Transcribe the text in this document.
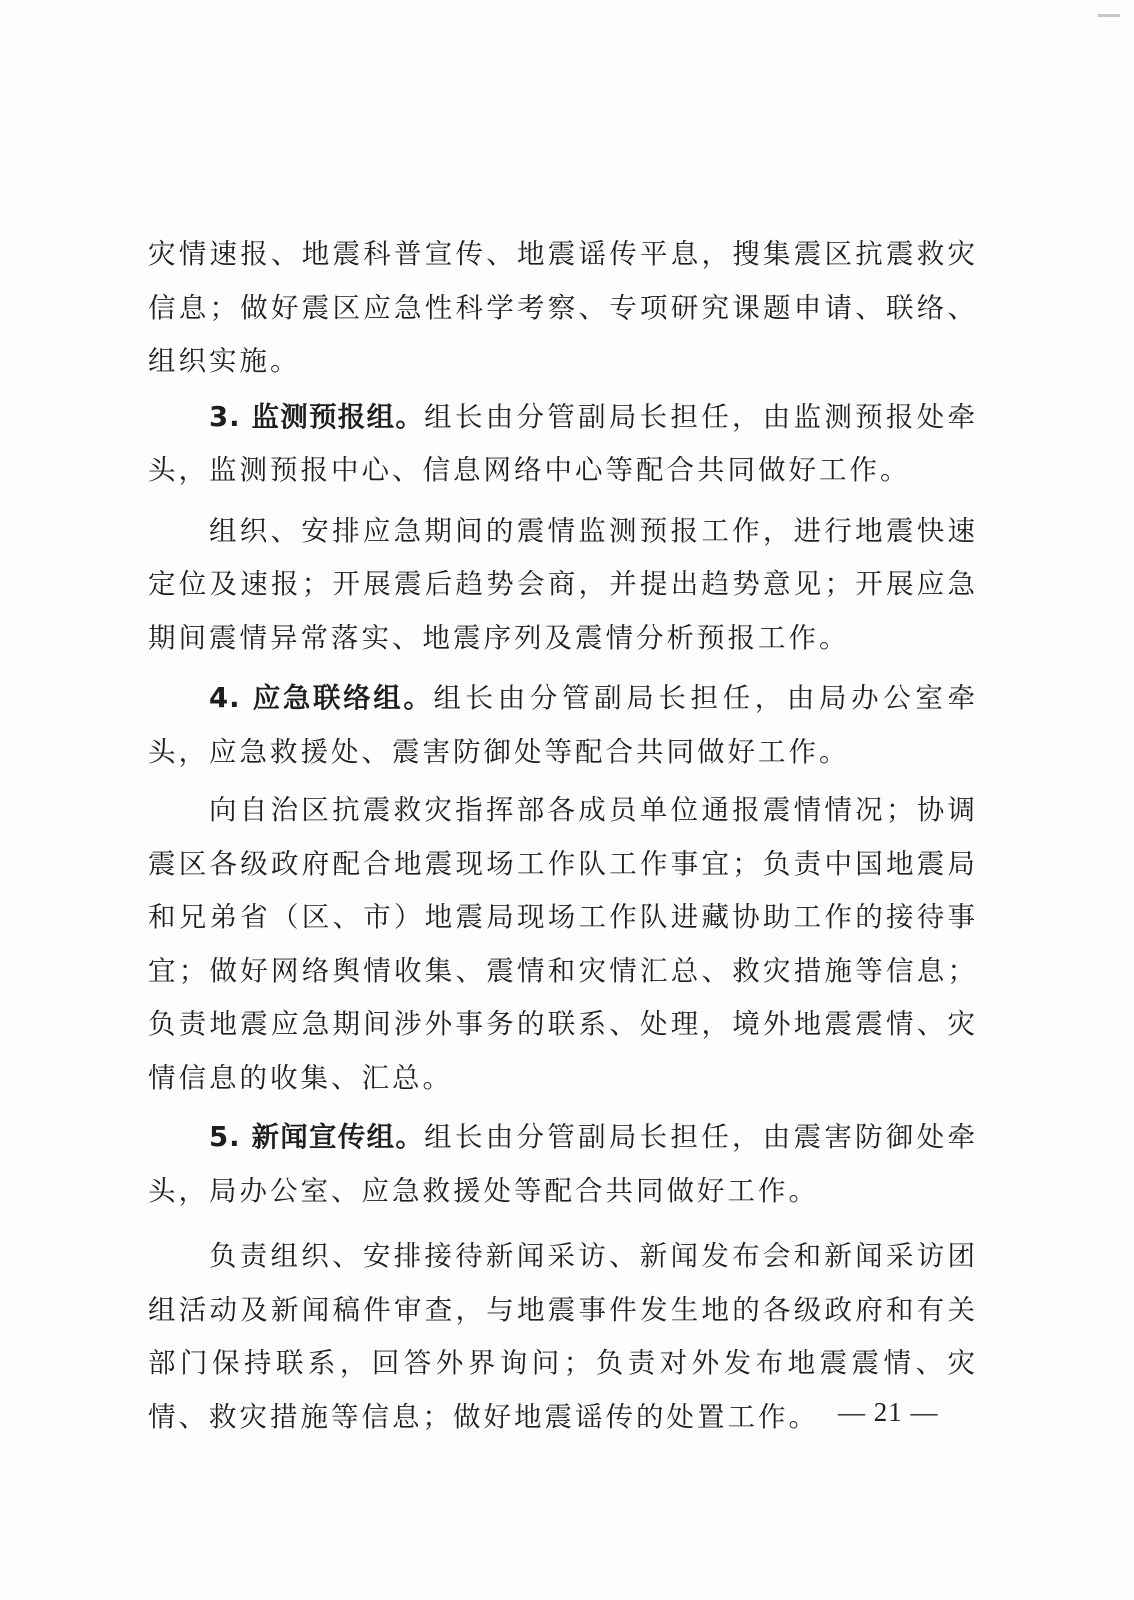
灾情速报、地震科普宣传、地震谣传平息，搜集震区抗震救灾信息；做好震区应急性科学考察、专项研究课题申请、联络、组织实施。

3. 监测预报组。组长由分管副局长担任，由监测预报处牵头，监测预报中心、信息网络中心等配合共同做好工作。

组织、安排应急期间的震情监测预报工作，进行地震快速定位及速报；开展震后趋势会商，并提出趋势意见；开展应急期间震情异常落实、地震序列及震情分析预报工作。

4. 应急联络组。组长由分管副局长担任，由局办公室牵头，应急救援处、震害防御处等配合共同做好工作。

向自治区抗震救灾指挥部各成员单位通报震情情况；协调震区各级政府配合地震现场工作队工作事宜；负责中国地震局和兄弟省（区、市）地震局现场工作队进藏协助工作的接待事宜；做好网络舆情收集、震情和灾情汇总、救灾措施等信息；负责地震应急期间涉外事务的联系、处理，境外地震震情、灾情信息的收集、汇总。

5. 新闻宣传组。组长由分管副局长担任，由震害防御处牵头，局办公室、应急救援处等配合共同做好工作。

负责组织、安排接待新闻采访、新闻发布会和新闻采访团组活动及新闻稿件审查，与地震事件发生地的各级政府和有关部门保持联系，回答外界询问；负责对外发布地震震情、灾情、救灾措施等信息；做好地震谣传的处置工作。 — 21 —
